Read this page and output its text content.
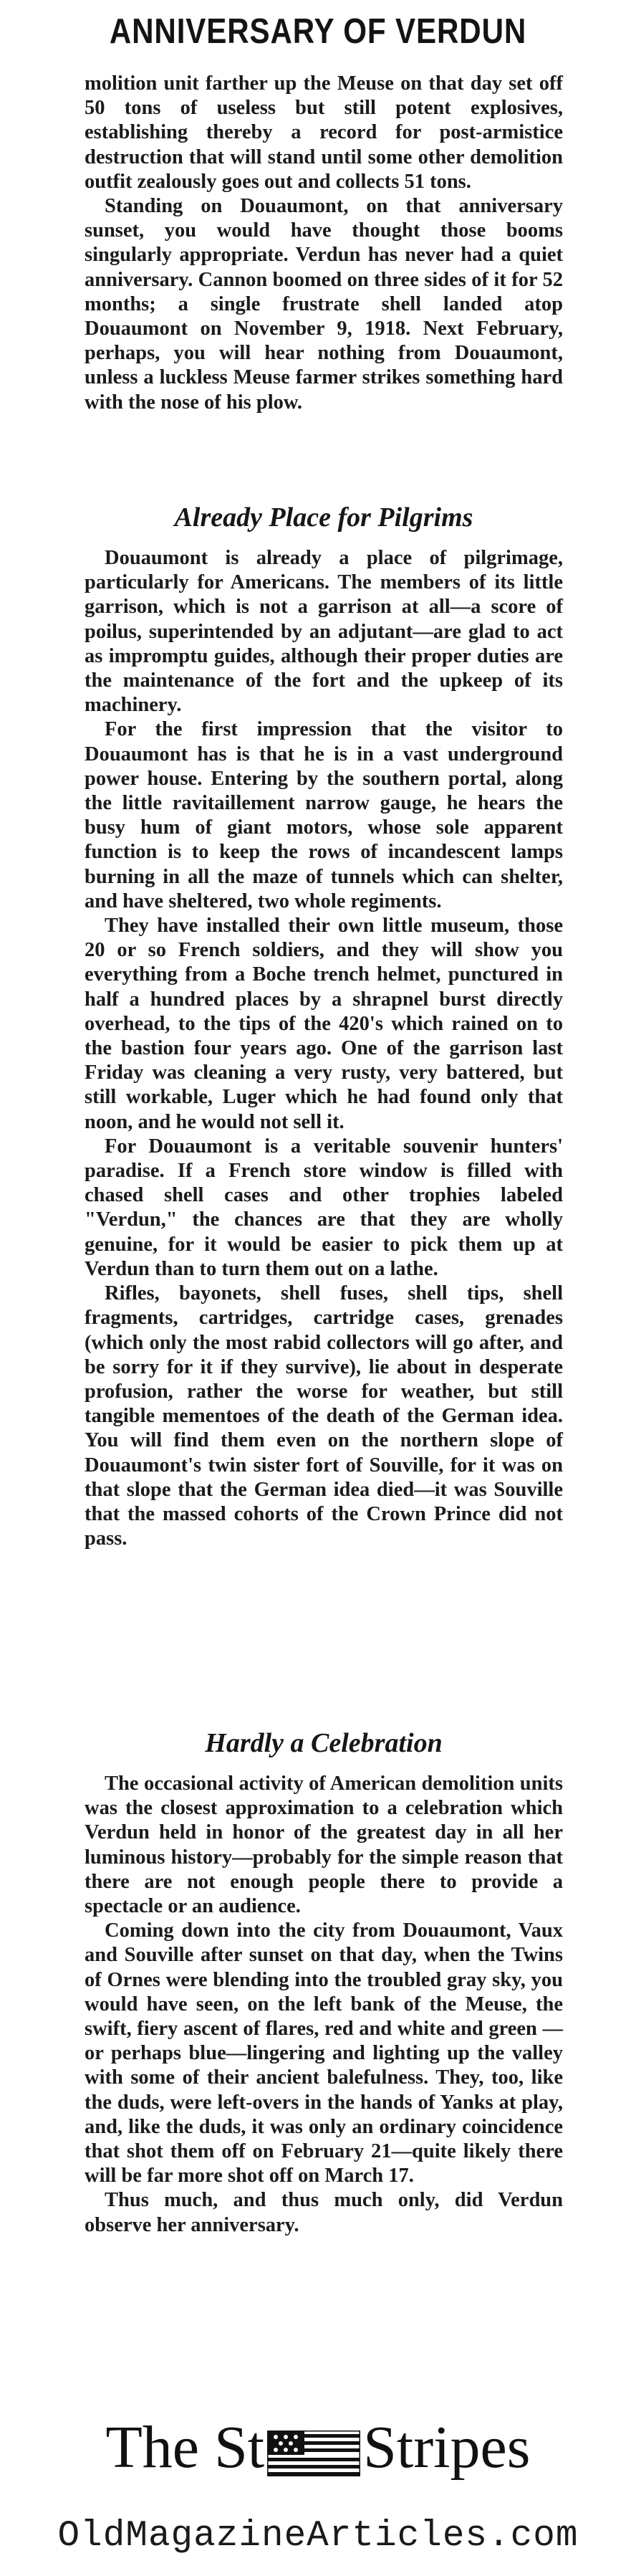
ANNIVERSARY OF VERDUN

molition unit farther up the Meuse on that day set off 50 tons of useless but still potent explosives, establishing thereby a record for post-armistice destruction that will stand until some other demolition outfit zealously goes out and collects 51 tons.

Standing on Douaumont, on that anniversary sunset, you would have thought those booms singularly appropriate. Verdun has never had a quiet anniversary. Cannon boomed on three sides of it for 52 months; a single frustrate shell landed atop Douaumont on November 9, 1918. Next February, perhaps, you will hear nothing from Douaumont, unless a luckless Meuse farmer strikes something hard with the nose of his plow.

Already Place for Pilgrims

Douaumont is already a place of pilgrimage, particularly for Americans. The members of its little garrison, which is not a garrison at all—a score of poilus, superintended by an adjutant—are glad to act as impromptu guides, although their proper duties are the maintenance of the fort and the upkeep of its machinery.

For the first impression that the visitor to Douaumont has is that he is in a vast underground power house. Entering by the southern portal, along the little ravitaillement narrow gauge, he hears the busy hum of giant motors, whose sole apparent function is to keep the rows of incandescent lamps burning in all the maze of tunnels which can shelter, and have sheltered, two whole regiments.

They have installed their own little museum, those 20 or so French soldiers, and they will show you everything from a Boche trench helmet, punctured in half a hundred places by a shrapnel burst directly overhead, to the tips of the 420's which rained on to the bastion four years ago. One of the garrison last Friday was cleaning a very rusty, very battered, but still workable, Luger which he had found only that noon, and he would not sell it.

For Douaumont is a veritable souvenir hunters' paradise. If a French store window is filled with chased shell cases and other trophies labeled "Verdun," the chances are that they are wholly genuine, for it would be easier to pick them up at Verdun than to turn them out on a lathe.

Rifles, bayonets, shell fuses, shell tips, shell fragments, cartridges, cartridge cases, grenades (which only the most rabid collectors will go after, and be sorry for it if they survive), lie about in desperate profusion, rather the worse for weather, but still tangible mementoes of the death of the German idea. You will find them even on the northern slope of Douaumont's twin sister fort of Souville, for it was on that slope that the German idea died—it was Souville that the massed cohorts of the Crown Prince did not pass.

Hardly a Celebration

The occasional activity of American demolition units was the closest approximation to a celebration which Verdun held in honor of the greatest day in all her luminous history—probably for the simple reason that there are not enough people there to provide a spectacle or an audience.

Coming down into the city from Douaumont, Vaux and Souville after sunset on that day, when the Twins of Ornes were blending into the troubled gray sky, you would have seen, on the left bank of the Meuse, the swift, fiery ascent of flares, red and white and green —or perhaps blue—lingering and lighting up the valley with some of their ancient balefulness. They, too, like the duds, were left-overs in the hands of Yanks at play, and, like the duds, it was only an ordinary coincidence that shot them off on February 21—quite likely there will be far more shot off on March 17.

Thus much, and thus much only, did Verdun observe her anniversary.

The St Stripes
OldMagazineArticles.com
